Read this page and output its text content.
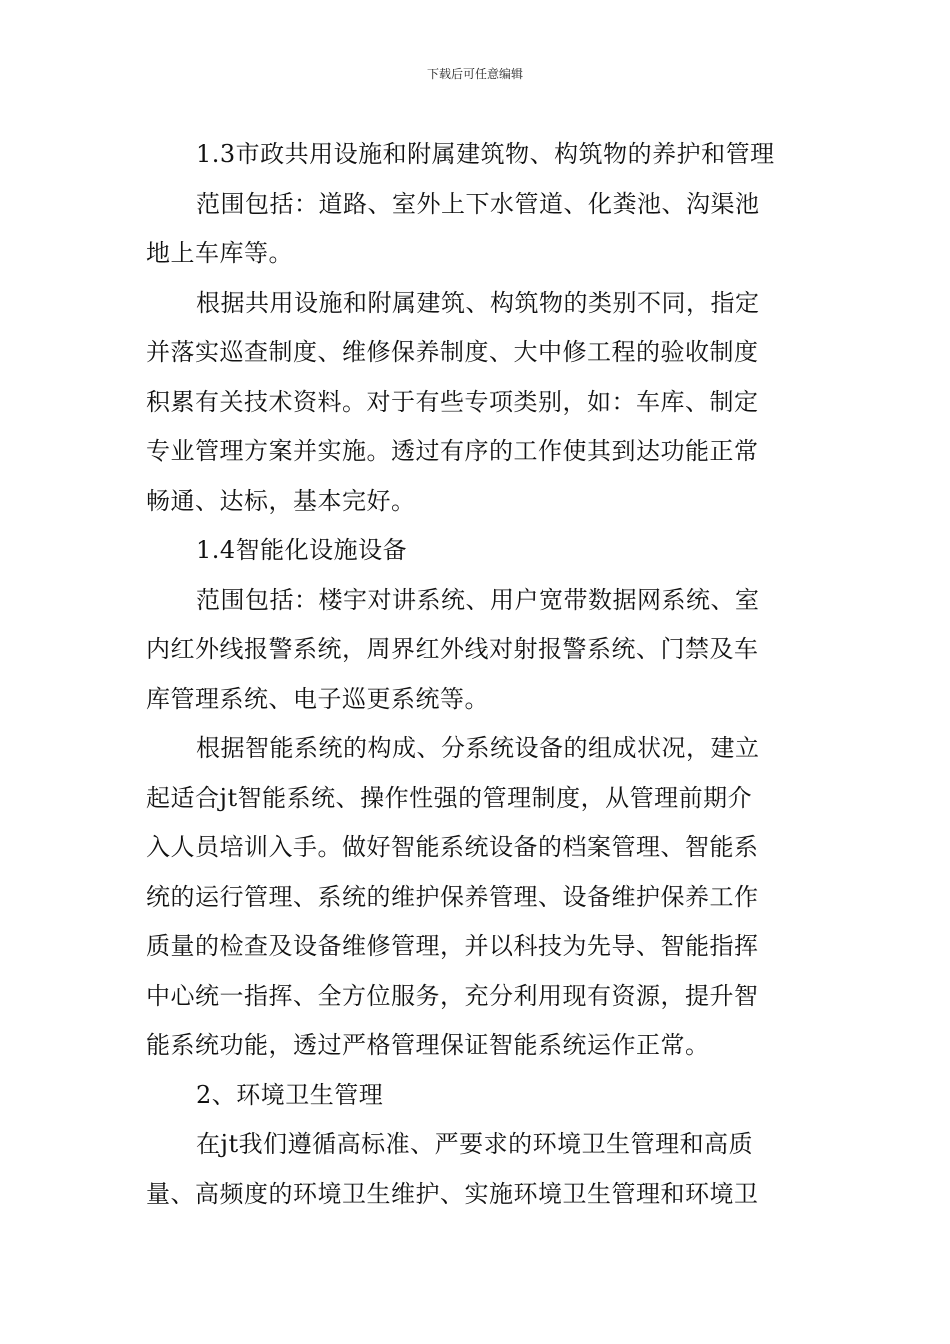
下载后可任意编辑
1.3市政共用设施和附属建筑物、构筑物的养护和管理
范围包括：道路、室外上下水管道、化粪池、沟渠池
地上车库等。
根据共用设施和附属建筑、构筑物的类别不同，指定
并落实巡查制度、维修保养制度、大中修工程的验收制度
积累有关技术资料。对于有些专项类别，如：车库、制定
专业管理方案并实施。透过有序的工作使其到达功能正常
畅通、达标，基本完好。
1.4智能化设施设备
范围包括：楼宇对讲系统、用户宽带数据网系统、室
内红外线报警系统，周界红外线对射报警系统、门禁及车
库管理系统、电子巡更系统等。
根据智能系统的构成、分系统设备的组成状况，建立
起适合jt智能系统、操作性强的管理制度，从管理前期介
入人员培训入手。做好智能系统设备的档案管理、智能系
统的运行管理、系统的维护保养管理、设备维护保养工作
质量的检查及设备维修管理，并以科技为先导、智能指挥
中心统一指挥、全方位服务，充分利用现有资源，提升智
能系统功能，透过严格管理保证智能系统运作正常。
2、环境卫生管理
在jt我们遵循高标准、严要求的环境卫生管理和高质
量、高频度的环境卫生维护、实施环境卫生管理和环境卫
